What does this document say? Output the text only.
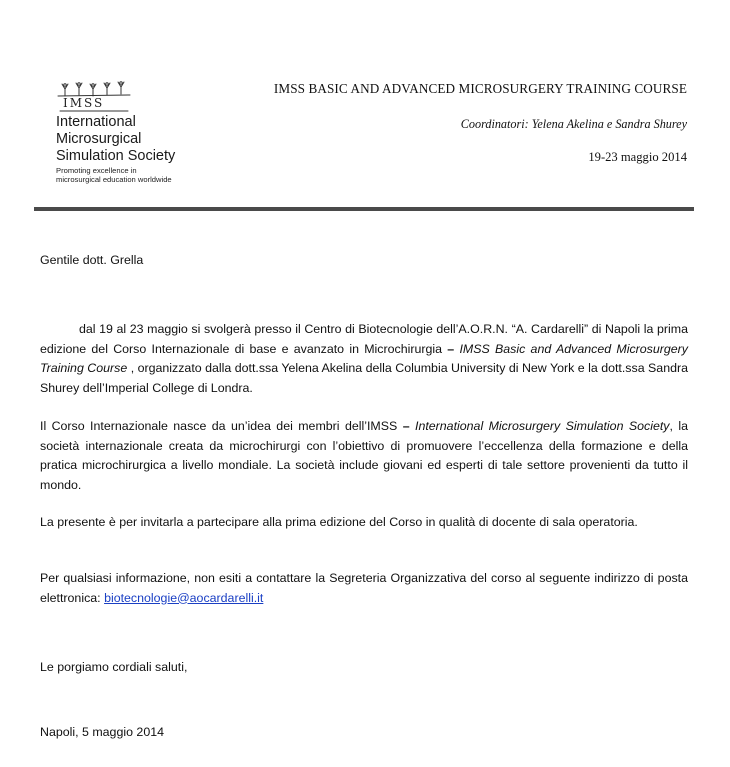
IMSS
International
Microsurgical
Simulation Society
Promoting excellence in
microsurgical education worldwide
IMSS BASIC AND ADVANCED MICROSURGERY TRAINING COURSE
Coordinatori: Yelena Akelina e Sandra Shurey
19-23 maggio 2014
Gentile dott. Grella
dal 19 al 23 maggio si svolgerà presso il Centro di Biotecnologie dell’A.O.R.N. “A. Cardarelli” di Napoli la prima edizione del Corso Internazionale di base e avanzato in Microchirurgia – IMSS Basic and Advanced Microsurgery Training Course , organizzato dalla dott.ssa Yelena Akelina della Columbia University di New York e la dott.ssa Sandra Shurey dell’Imperial College di Londra.
Il Corso Internazionale nasce da un’idea dei membri dell’IMSS – International Microsurgery Simulation Society, la società internazionale creata da microchirurgi con l’obiettivo di promuovere l’eccellenza della formazione e della pratica microchirurgica a livello mondiale. La società include giovani ed esperti di tale settore provenienti da tutto il mondo.
La presente è per invitarla a partecipare alla prima edizione del Corso in qualità di docente di sala operatoria.
Per qualsiasi informazione, non esiti a contattare la Segreteria Organizzativa del corso al seguente indirizzo di posta elettronica: biotecnologie@aocardarelli.it
Le porgiamo cordiali saluti,
Napoli, 5 maggio 2014
